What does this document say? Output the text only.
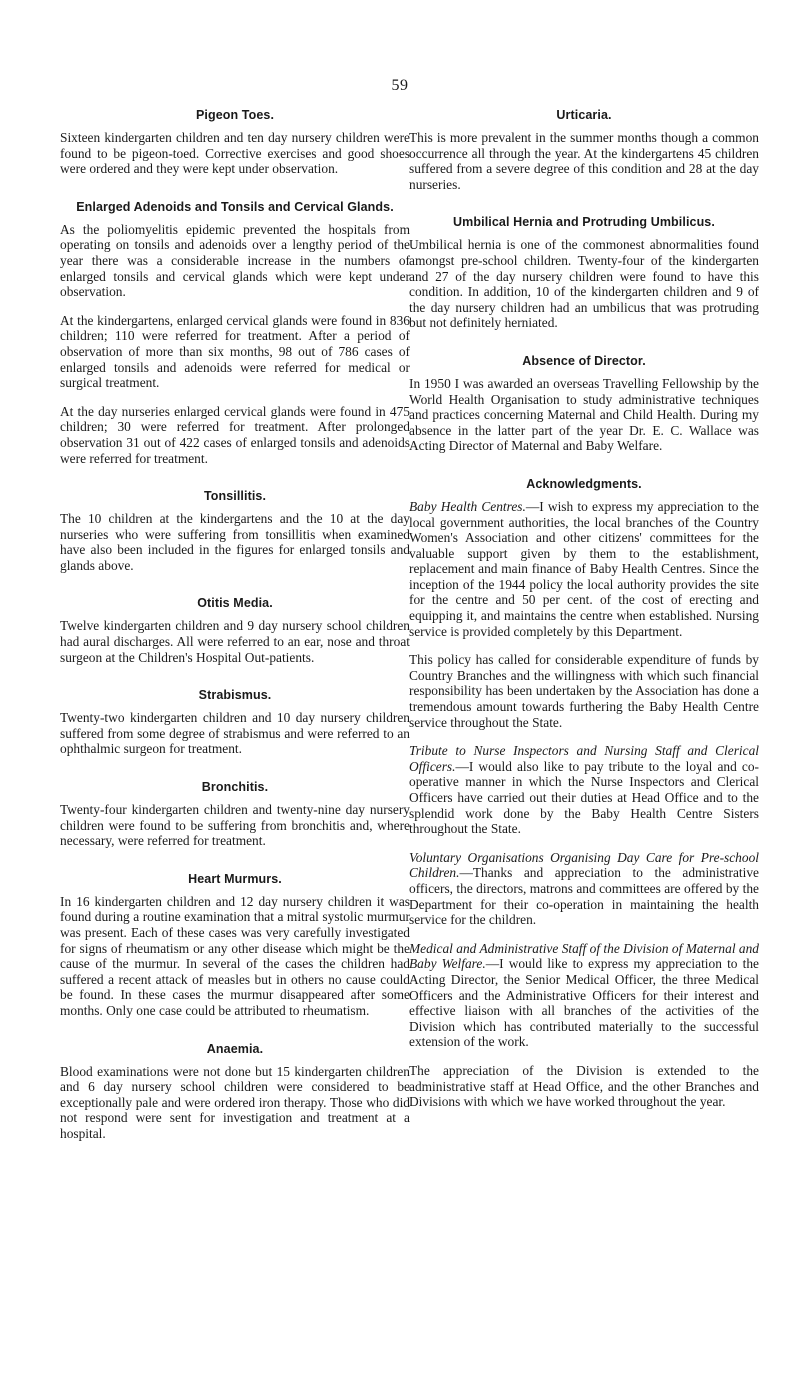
59
Pigeon Toes.

Sixteen kindergarten children and ten day nursery children were found to be pigeon-toed. Corrective exercises and good shoes were ordered and they were kept under observation.

Enlarged Adenoids and Tonsils and Cervical Glands.

As the poliomyelitis epidemic prevented the hospitals from operating on tonsils and adenoids over a lengthy period of the year there was a considerable increase in the numbers of enlarged tonsils and cervical glands which were kept under observation.

At the kindergartens, enlarged cervical glands were found in 836 children; 110 were referred for treatment. After a period of observation of more than six months, 98 out of 786 cases of enlarged tonsils and adenoids were referred for medical or surgical treatment.

At the day nurseries enlarged cervical glands were found in 475 children; 30 were referred for treatment. After prolonged observation 31 out of 422 cases of enlarged tonsils and adenoids were referred for treatment.

Tonsillitis.

The 10 children at the kindergartens and the 10 at the day nurseries who were suffering from tonsillitis when examined have also been included in the figures for enlarged tonsils and glands above.

Otitis Media.

Twelve kindergarten children and 9 day nursery school children had aural discharges. All were referred to an ear, nose and throat surgeon at the Children's Hospital Out-patients.

Strabismus.

Twenty-two kindergarten children and 10 day nursery children suffered from some degree of strabismus and were referred to an ophthalmic surgeon for treatment.

Bronchitis.

Twenty-four kindergarten children and twenty-nine day nursery children were found to be suffering from bronchitis and, where necessary, were referred for treatment.

Heart Murmurs.

In 16 kindergarten children and 12 day nursery children it was found during a routine examination that a mitral systolic murmur was present. Each of these cases was very carefully investigated for signs of rheumatism or any other disease which might be the cause of the murmur. In several of the cases the children had suffered a recent attack of measles but in others no cause could be found. In these cases the murmur disappeared after some months. Only one case could be attributed to rheumatism.

Anaemia.

Blood examinations were not done but 15 kindergarten children and 6 day nursery school children were considered to be exceptionally pale and were ordered iron therapy. Those who did not respond were sent for investigation and treatment at a hospital.

Urticaria.

This is more prevalent in the summer months though a common occurrence all through the year. At the kindergartens 45 children suffered from a severe degree of this condition and 28 at the day nurseries.

Umbilical Hernia and Protruding Umbilicus.

Umbilical hernia is one of the commonest abnormalities found amongst pre-school children. Twenty-four of the kindergarten and 27 of the day nursery children were found to have this condition. In addition, 10 of the kindergarten children and 9 of the day nursery children had an umbilicus that was protruding but not definitely herniated.

Absence of Director.

In 1950 I was awarded an overseas Travelling Fellowship by the World Health Organisation to study administrative techniques and practices concerning Maternal and Child Health. During my absence in the latter part of the year Dr. E. C. Wallace was Acting Director of Maternal and Baby Welfare.

Acknowledgments.

Baby Health Centres.—I wish to express my appreciation to the local government authorities, the local branches of the Country Women's Association and other citizens' committees for the valuable support given by them to the establishment, replacement and main finance of Baby Health Centres. Since the inception of the 1944 policy the local authority provides the site for the centre and 50 per cent. of the cost of erecting and equipping it, and maintains the centre when established. Nursing service is provided completely by this Department.

This policy has called for considerable expenditure of funds by Country Branches and the willingness with which such financial responsibility has been undertaken by the Association has done a tremendous amount towards furthering the Baby Health Centre service throughout the State.

Tribute to Nurse Inspectors and Nursing Staff and Clerical Officers.—I would also like to pay tribute to the loyal and co-operative manner in which the Nurse Inspectors and Clerical Officers have carried out their duties at Head Office and to the splendid work done by the Baby Health Centre Sisters throughout the State.

Voluntary Organisations Organising Day Care for Pre-school Children.—Thanks and appreciation to the administrative officers, the directors, matrons and committees are offered by the Department for their co-operation in maintaining the health service for the children.

Medical and Administrative Staff of the Division of Maternal and Baby Welfare.—I would like to express my appreciation to the Acting Director, the Senior Medical Officer, the three Medical Officers and the Administrative Officers for their interest and effective liaison with all branches of the activities of the Division which has contributed materially to the successful extension of the work.

The appreciation of the Division is extended to the administrative staff at Head Office, and the other Branches and Divisions with which we have worked throughout the year.
